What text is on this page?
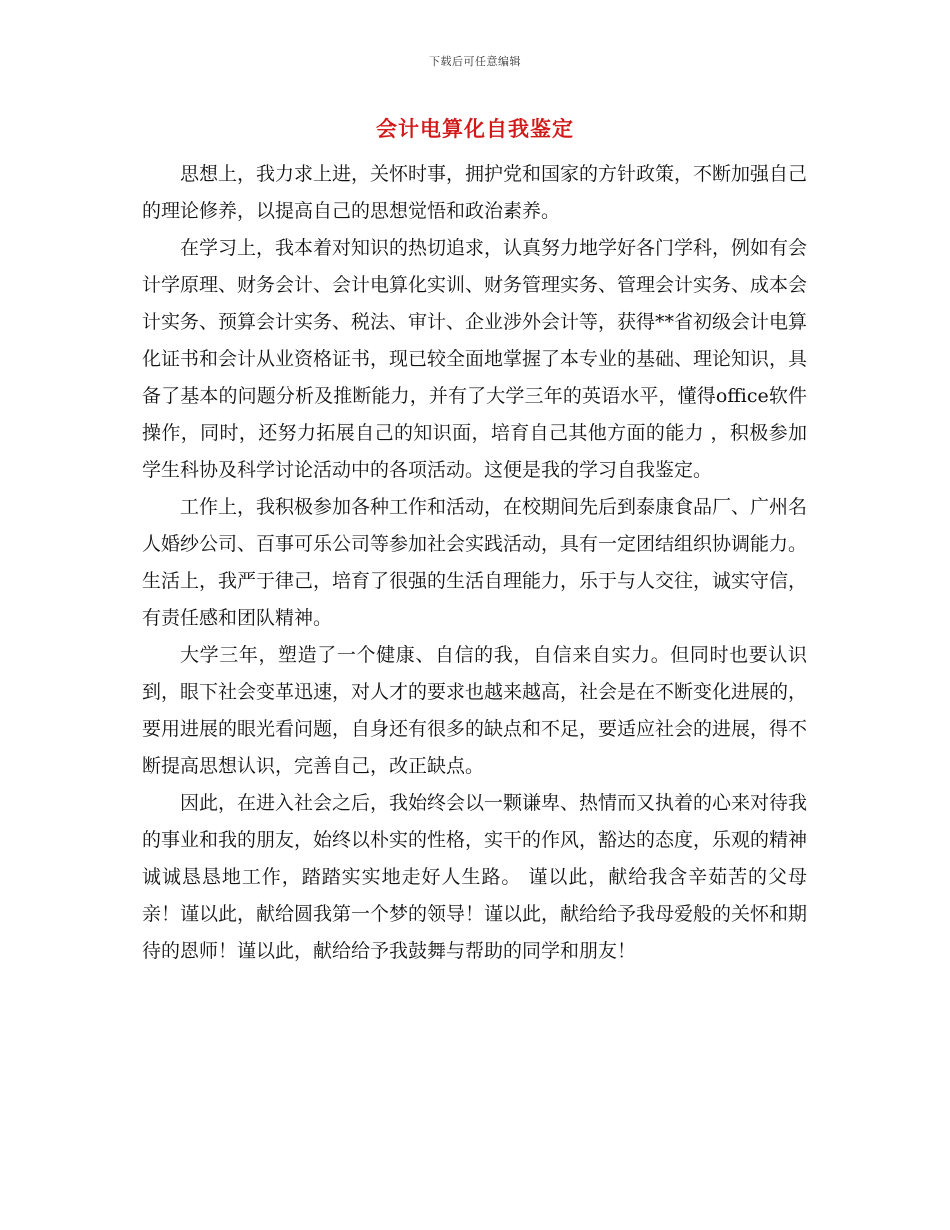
下载后可任意编辑
会计电算化自我鉴定

思想上，我力求上进，关怀时事，拥护党和国家的方针政策，不断加强自己的理论修养，以提高自己的思想觉悟和政治素养。

在学习上，我本着对知识的热切追求，认真努力地学好各门学科，例如有会计学原理、财务会计、会计电算化实训、财务管理实务、管理会计实务、成本会计实务、预算会计实务、税法、审计、企业涉外会计等，获得**省初级会计电算化证书和会计从业资格证书，现已较全面地掌握了本专业的基础、理论知识，具备了基本的问题分析及推断能力，并有了大学三年的英语水平，懂得office软件操作，同时，还努力拓展自己的知识面，培育自己其他方面的能力 ，积极参加学生科协及科学讨论活动中的各项活动。这便是我的学习自我鉴定。

工作上，我积极参加各种工作和活动，在校期间先后到泰康食品厂、广州名人婚纱公司、百事可乐公司等参加社会实践活动，具有一定团结组织协调能力。 生活上，我严于律己，培育了很强的生活自理能力，乐于与人交往，诚实守信，有责任感和团队精神。

大学三年，塑造了一个健康、自信的我，自信来自实力。但同时也要认识到，眼下社会变革迅速，对人才的要求也越来越高，社会是在不断变化进展的，要用进展的眼光看问题，自身还有很多的缺点和不足，要适应社会的进展，得不断提高思想认识，完善自己，改正缺点。

因此，在进入社会之后，我始终会以一颗谦卑、热情而又执着的心来对待我的事业和我的朋友，始终以朴实的性格，实干的作风，豁达的态度，乐观的精神诚诚恳恳地工作，踏踏实实地走好人生路。 谨以此，献给我含辛茹苦的父母亲！谨以此，献给圆我第一个梦的领导！谨以此，献给给予我母爱般的关怀和期待的恩师！谨以此，献给给予我鼓舞与帮助的同学和朋友！
